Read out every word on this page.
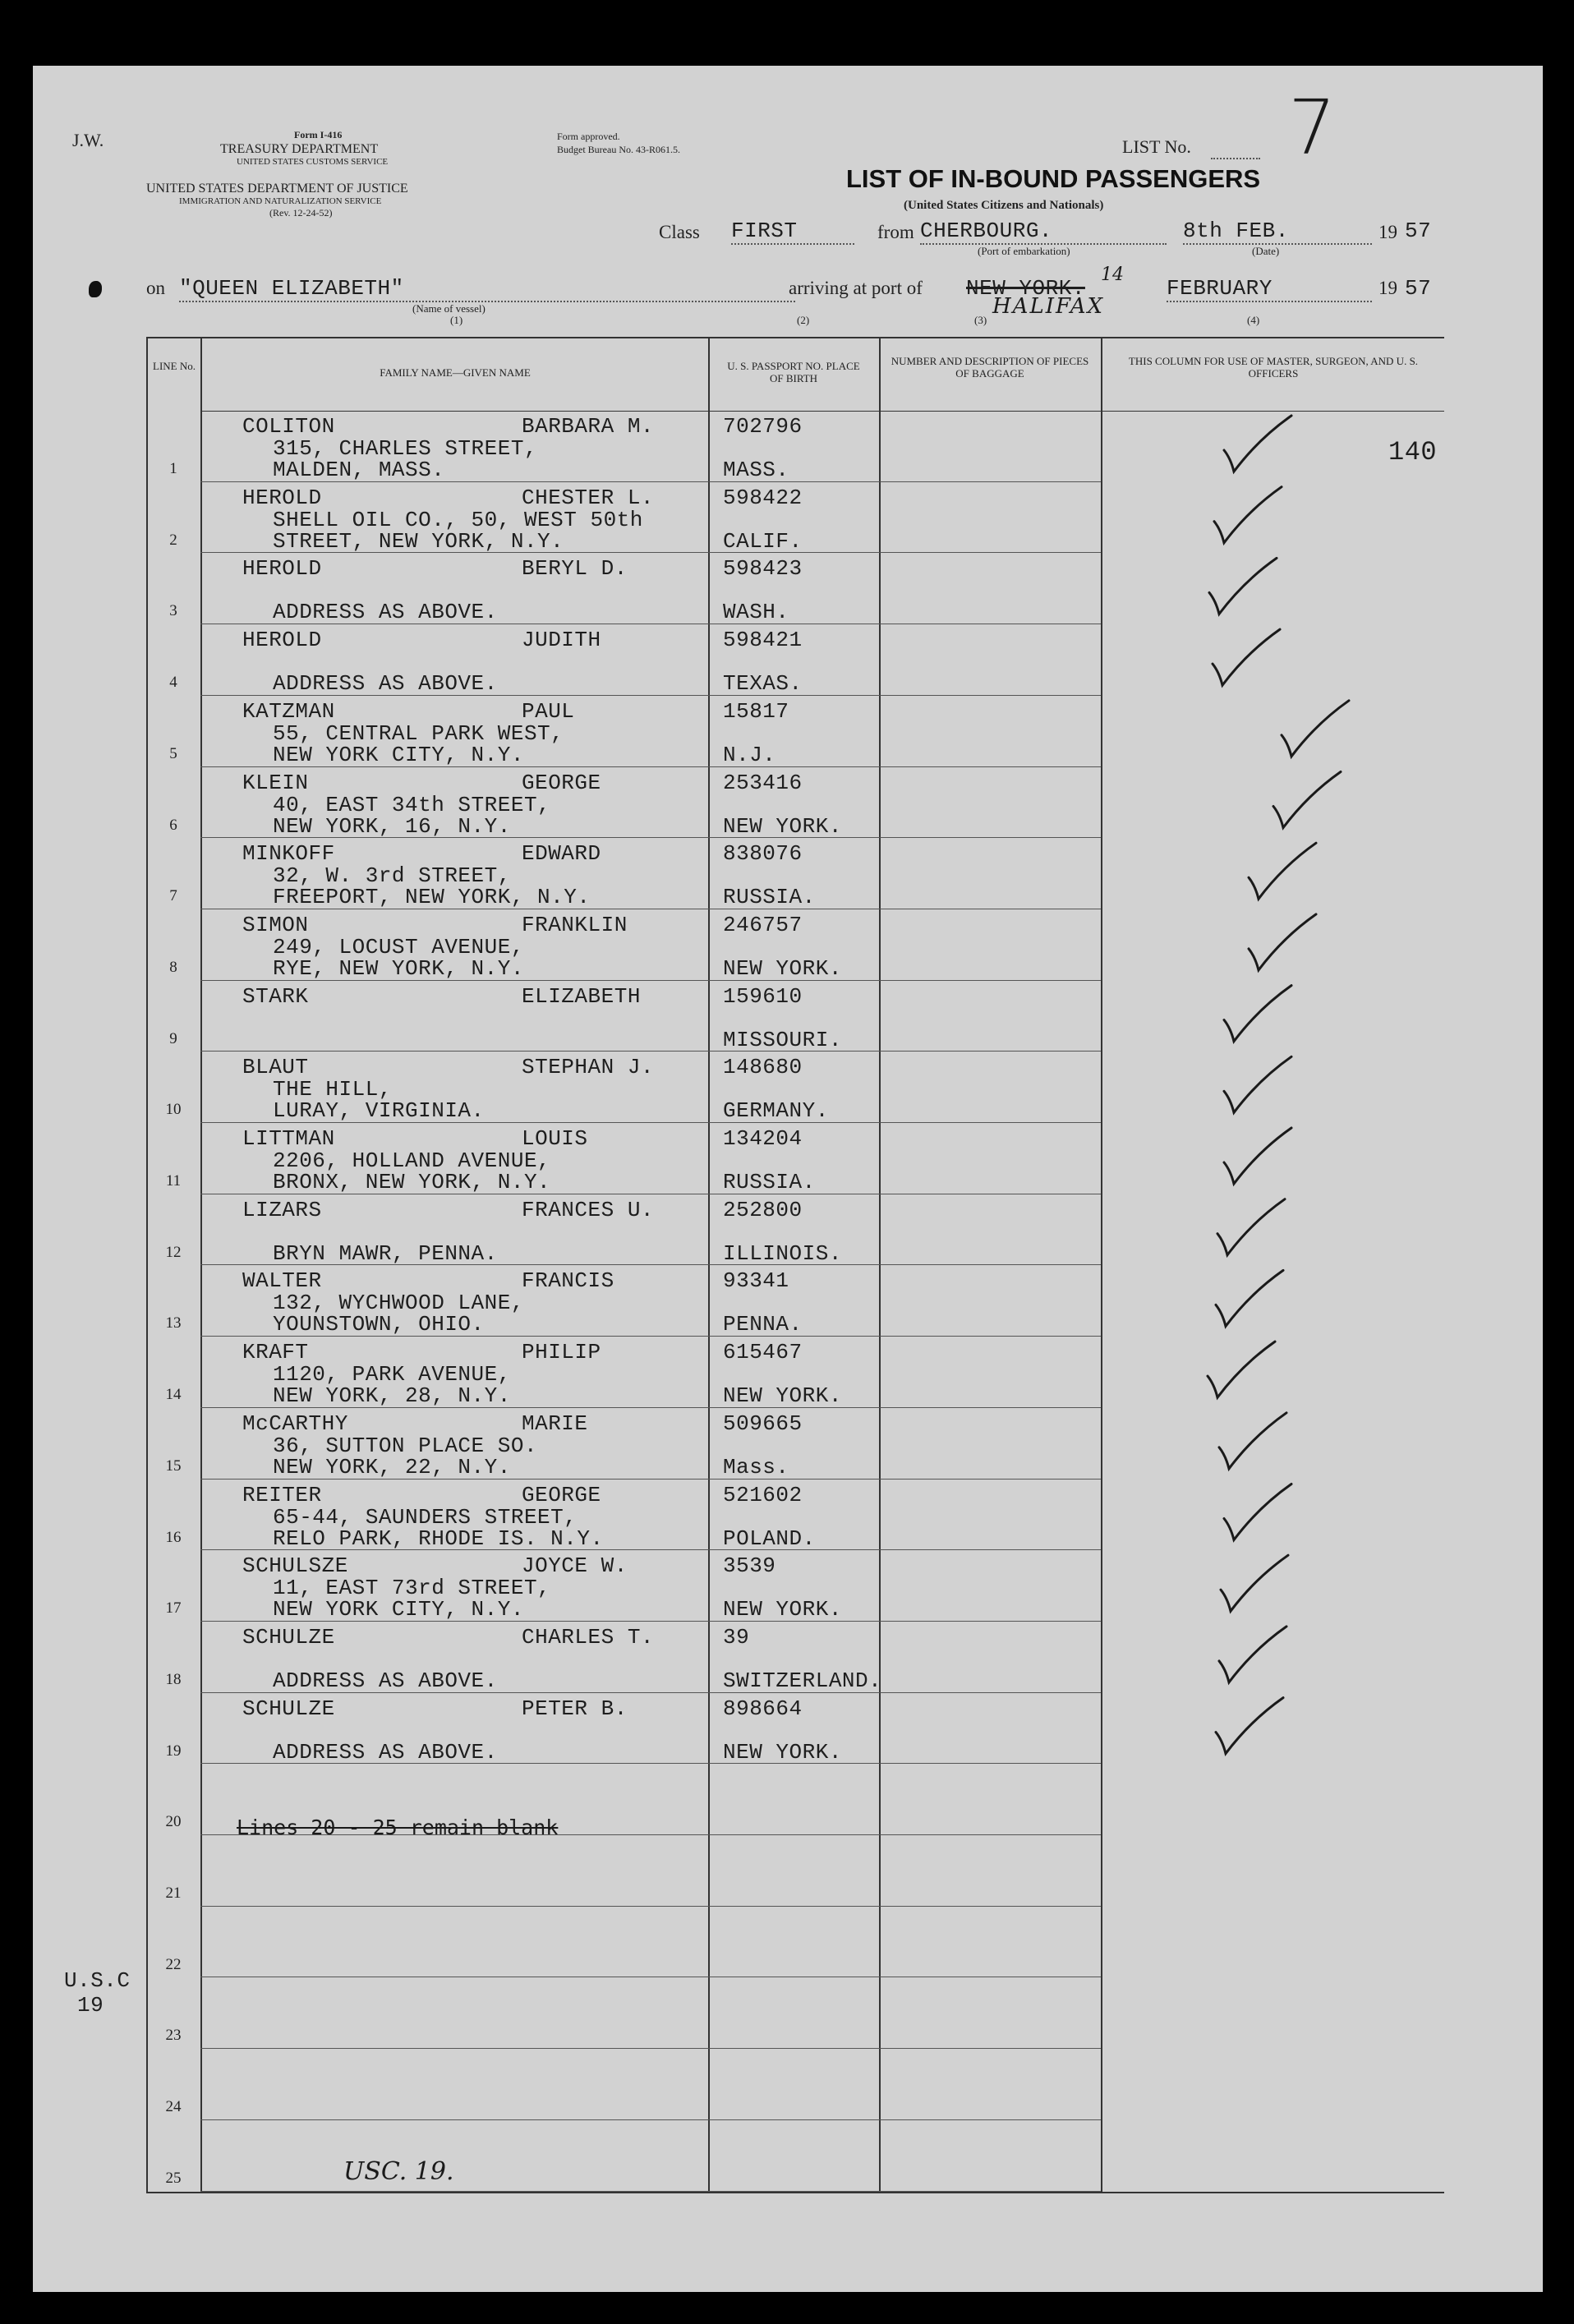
J.W.	Form I-416
TREASURY DEPARTMENT
UNITED STATES CUSTOMS SERVICE
UNITED STATES DEPARTMENT OF JUSTICE
IMMIGRATION AND NATURALIZATION SERVICE
(Rev. 12-24-52)
Form approved.
Budget Bureau No. 43-R061.5.	LIST No. 7
LIST OF IN-BOUND PASSENGERS
(United States Citizens and Nationals)
Class FIRST	from CHERBOURG.
(Port of embarkation)
8th FEB.
(Date)
19 57
on "QUEEN ELIZABETH"
(Name of vessel)
(1)
arriving at port of
(2)
NEW YORK.
HALIFAX
14
(3)
FEBRUARY
(4)
19 57
LINE No.
FAMILY NAME—GIVEN NAME
U. S. PASSPORT NO. PLACE OF BIRTH
NUMBER AND DESCRIPTION OF PIECES OF BAGGAGE
THIS COLUMN FOR USE OF MASTER, SURGEON, AND U. S. OFFICERS
140
1
COLITON	BARBARA M.
315, CHARLES STREET,
MALDEN, MASS.
702796
MASS.
2
HEROLD	CHESTER L.
SHELL OIL CO., 50, WEST 50th
STREET, NEW YORK, N.Y.
598422
CALIF.
3
HEROLD	BERYL D.
ADDRESS AS ABOVE.
598423
WASH.
4
HEROLD	JUDITH
ADDRESS AS ABOVE.
598421
TEXAS.
5
KATZMAN	PAUL
55, CENTRAL PARK WEST,
NEW YORK CITY, N.Y.
15817
N.J.
6
KLEIN	GEORGE
40, EAST 34th STREET,
NEW YORK, 16, N.Y.
253416
NEW YORK.
7
MINKOFF	EDWARD
32, W. 3rd STREET,
FREEPORT, NEW YORK, N.Y.
838076
RUSSIA.
8
SIMON	FRANKLIN
249, LOCUST AVENUE,
RYE, NEW YORK, N.Y.
246757
NEW YORK.
9
STARK	ELIZABETH	159610
MISSOURI.
10
BLAUT	STEPHAN J.
THE HILL,
LURAY, VIRGINIA.
148680
GERMANY.
11
LITTMAN	LOUIS
2206, HOLLAND AVENUE,
BRONX, NEW YORK, N.Y.
134204
RUSSIA.
12
LIZARS	FRANCES U.
BRYN MAWR, PENNA.
252800
ILLINOIS.
13
WALTER	FRANCIS
132, WYCHWOOD LANE,
YOUNSTOWN, OHIO.
93341
PENNA.
14
KRAFT	PHILIP
1120, PARK AVENUE,
NEW YORK, 28, N.Y.
615467
NEW YORK.
15
McCARTHY	MARIE
36, SUTTON PLACE SO.
NEW YORK, 22, N.Y.
509665
Mass.
16
REITER	GEORGE
65-44, SAUNDERS STREET,
RELO PARK, RHODE IS. N.Y.
521602
POLAND.
17
SCHULSZE	JOYCE W.
11, EAST 73rd STREET,
NEW YORK CITY, N.Y.
3539
NEW YORK.
18
SCHULZE	CHARLES T.
ADDRESS AS ABOVE.
39
SWITZERLAND.
19
SCHULZE	PETER B.
ADDRESS AS ABOVE.
898664
NEW YORK.
20
21
22
23
24
25
Lines 20 - 25 remain blank
U.S.C
19
USC. 19.
